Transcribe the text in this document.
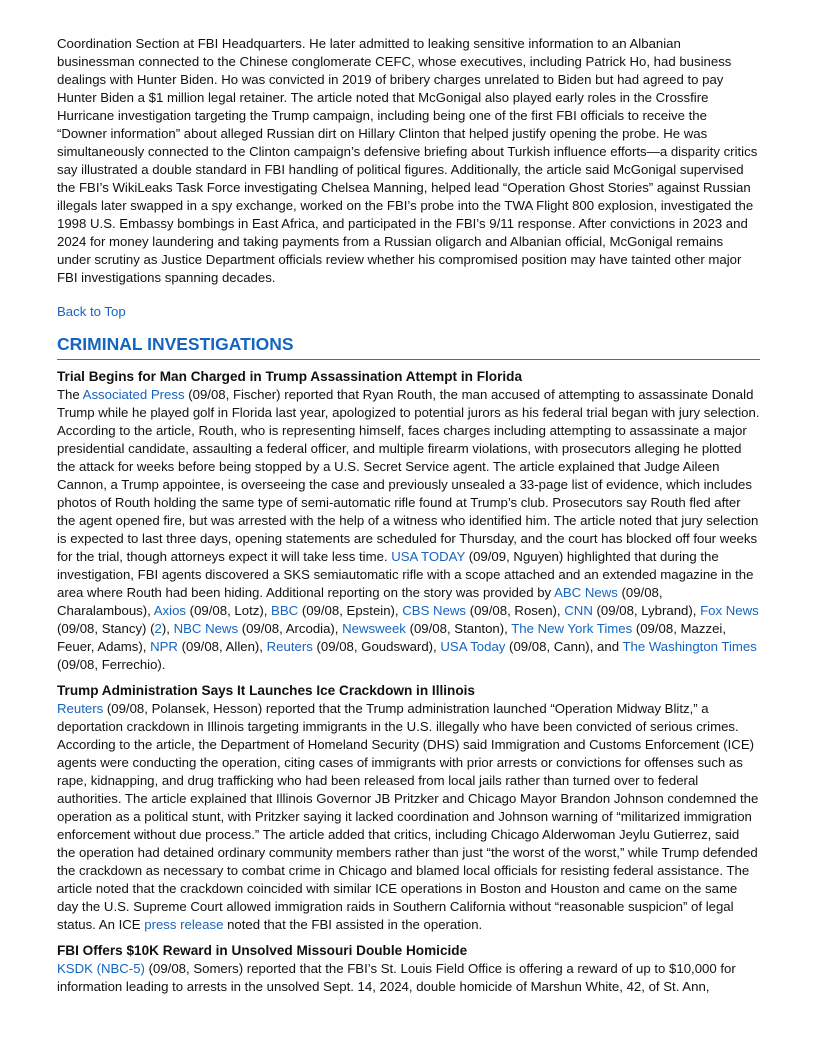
Coordination Section at FBI Headquarters. He later admitted to leaking sensitive information to an Albanian businessman connected to the Chinese conglomerate CEFC, whose executives, including Patrick Ho, had business dealings with Hunter Biden. Ho was convicted in 2019 of bribery charges unrelated to Biden but had agreed to pay Hunter Biden a $1 million legal retainer. The article noted that McGonigal also played early roles in the Crossfire Hurricane investigation targeting the Trump campaign, including being one of the first FBI officials to receive the “Downer information” about alleged Russian dirt on Hillary Clinton that helped justify opening the probe. He was simultaneously connected to the Clinton campaign’s defensive briefing about Turkish influence efforts—a disparity critics say illustrated a double standard in FBI handling of political figures. Additionally, the article said McGonigal supervised the FBI’s WikiLeaks Task Force investigating Chelsea Manning, helped lead “Operation Ghost Stories” against Russian illegals later swapped in a spy exchange, worked on the FBI’s probe into the TWA Flight 800 explosion, investigated the 1998 U.S. Embassy bombings in East Africa, and participated in the FBI’s 9/11 response. After convictions in 2023 and 2024 for money laundering and taking payments from a Russian oligarch and Albanian official, McGonigal remains under scrutiny as Justice Department officials review whether his compromised position may have tainted other major FBI investigations spanning decades.

Back to Top
CRIMINAL INVESTIGATIONS
Trial Begins for Man Charged in Trump Assassination Attempt in Florida

The Associated Press (09/08, Fischer) reported that Ryan Routh, the man accused of attempting to assassinate Donald Trump while he played golf in Florida last year, apologized to potential jurors as his federal trial began with jury selection. According to the article, Routh, who is representing himself, faces charges including attempting to assassinate a major presidential candidate, assaulting a federal officer, and multiple firearm violations, with prosecutors alleging he plotted the attack for weeks before being stopped by a U.S. Secret Service agent. The article explained that Judge Aileen Cannon, a Trump appointee, is overseeing the case and previously unsealed a 33-page list of evidence, which includes photos of Routh holding the same type of semi-automatic rifle found at Trump’s club. Prosecutors say Routh fled after the agent opened fire, but was arrested with the help of a witness who identified him. The article noted that jury selection is expected to last three days, opening statements are scheduled for Thursday, and the court has blocked off four weeks for the trial, though attorneys expect it will take less time. USA TODAY (09/09, Nguyen) highlighted that during the investigation, FBI agents discovered a SKS semiautomatic rifle with a scope attached and an extended magazine in the area where Routh had been hiding. Additional reporting on the story was provided by ABC News (09/08, Charalambous), Axios (09/08, Lotz), BBC (09/08, Epstein), CBS News (09/08, Rosen), CNN (09/08, Lybrand), Fox News (09/08, Stancy) (2), NBC News (09/08, Arcodia), Newsweek (09/08, Stanton), The New York Times (09/08, Mazzei, Feuer, Adams), NPR (09/08, Allen), Reuters (09/08, Goudsward), USA Today (09/08, Cann), and The Washington Times (09/08, Ferrechio).

Trump Administration Says It Launches Ice Crackdown in Illinois

Reuters (09/08, Polansek, Hesson) reported that the Trump administration launched “Operation Midway Blitz,” a deportation crackdown in Illinois targeting immigrants in the U.S. illegally who have been convicted of serious crimes. According to the article, the Department of Homeland Security (DHS) said Immigration and Customs Enforcement (ICE) agents were conducting the operation, citing cases of immigrants with prior arrests or convictions for offenses such as rape, kidnapping, and drug trafficking who had been released from local jails rather than turned over to federal authorities. The article explained that Illinois Governor JB Pritzker and Chicago Mayor Brandon Johnson condemned the operation as a political stunt, with Pritzker saying it lacked coordination and Johnson warning of “militarized immigration enforcement without due process.” The article added that critics, including Chicago Alderwoman Jeylu Gutierrez, said the operation had detained ordinary community members rather than just “the worst of the worst,” while Trump defended the crackdown as necessary to combat crime in Chicago and blamed local officials for resisting federal assistance. The article noted that the crackdown coincided with similar ICE operations in Boston and Houston and came on the same day the U.S. Supreme Court allowed immigration raids in Southern California without “reasonable suspicion” of legal status. An ICE press release noted that the FBI assisted in the operation.

FBI Offers $10K Reward in Unsolved Missouri Double Homicide

KSDK (NBC-5) (09/08, Somers) reported that the FBI’s St. Louis Field Office is offering a reward of up to $10,000 for information leading to arrests in the unsolved Sept. 14, 2024, double homicide of Marshun White, 42, of St. Ann,
